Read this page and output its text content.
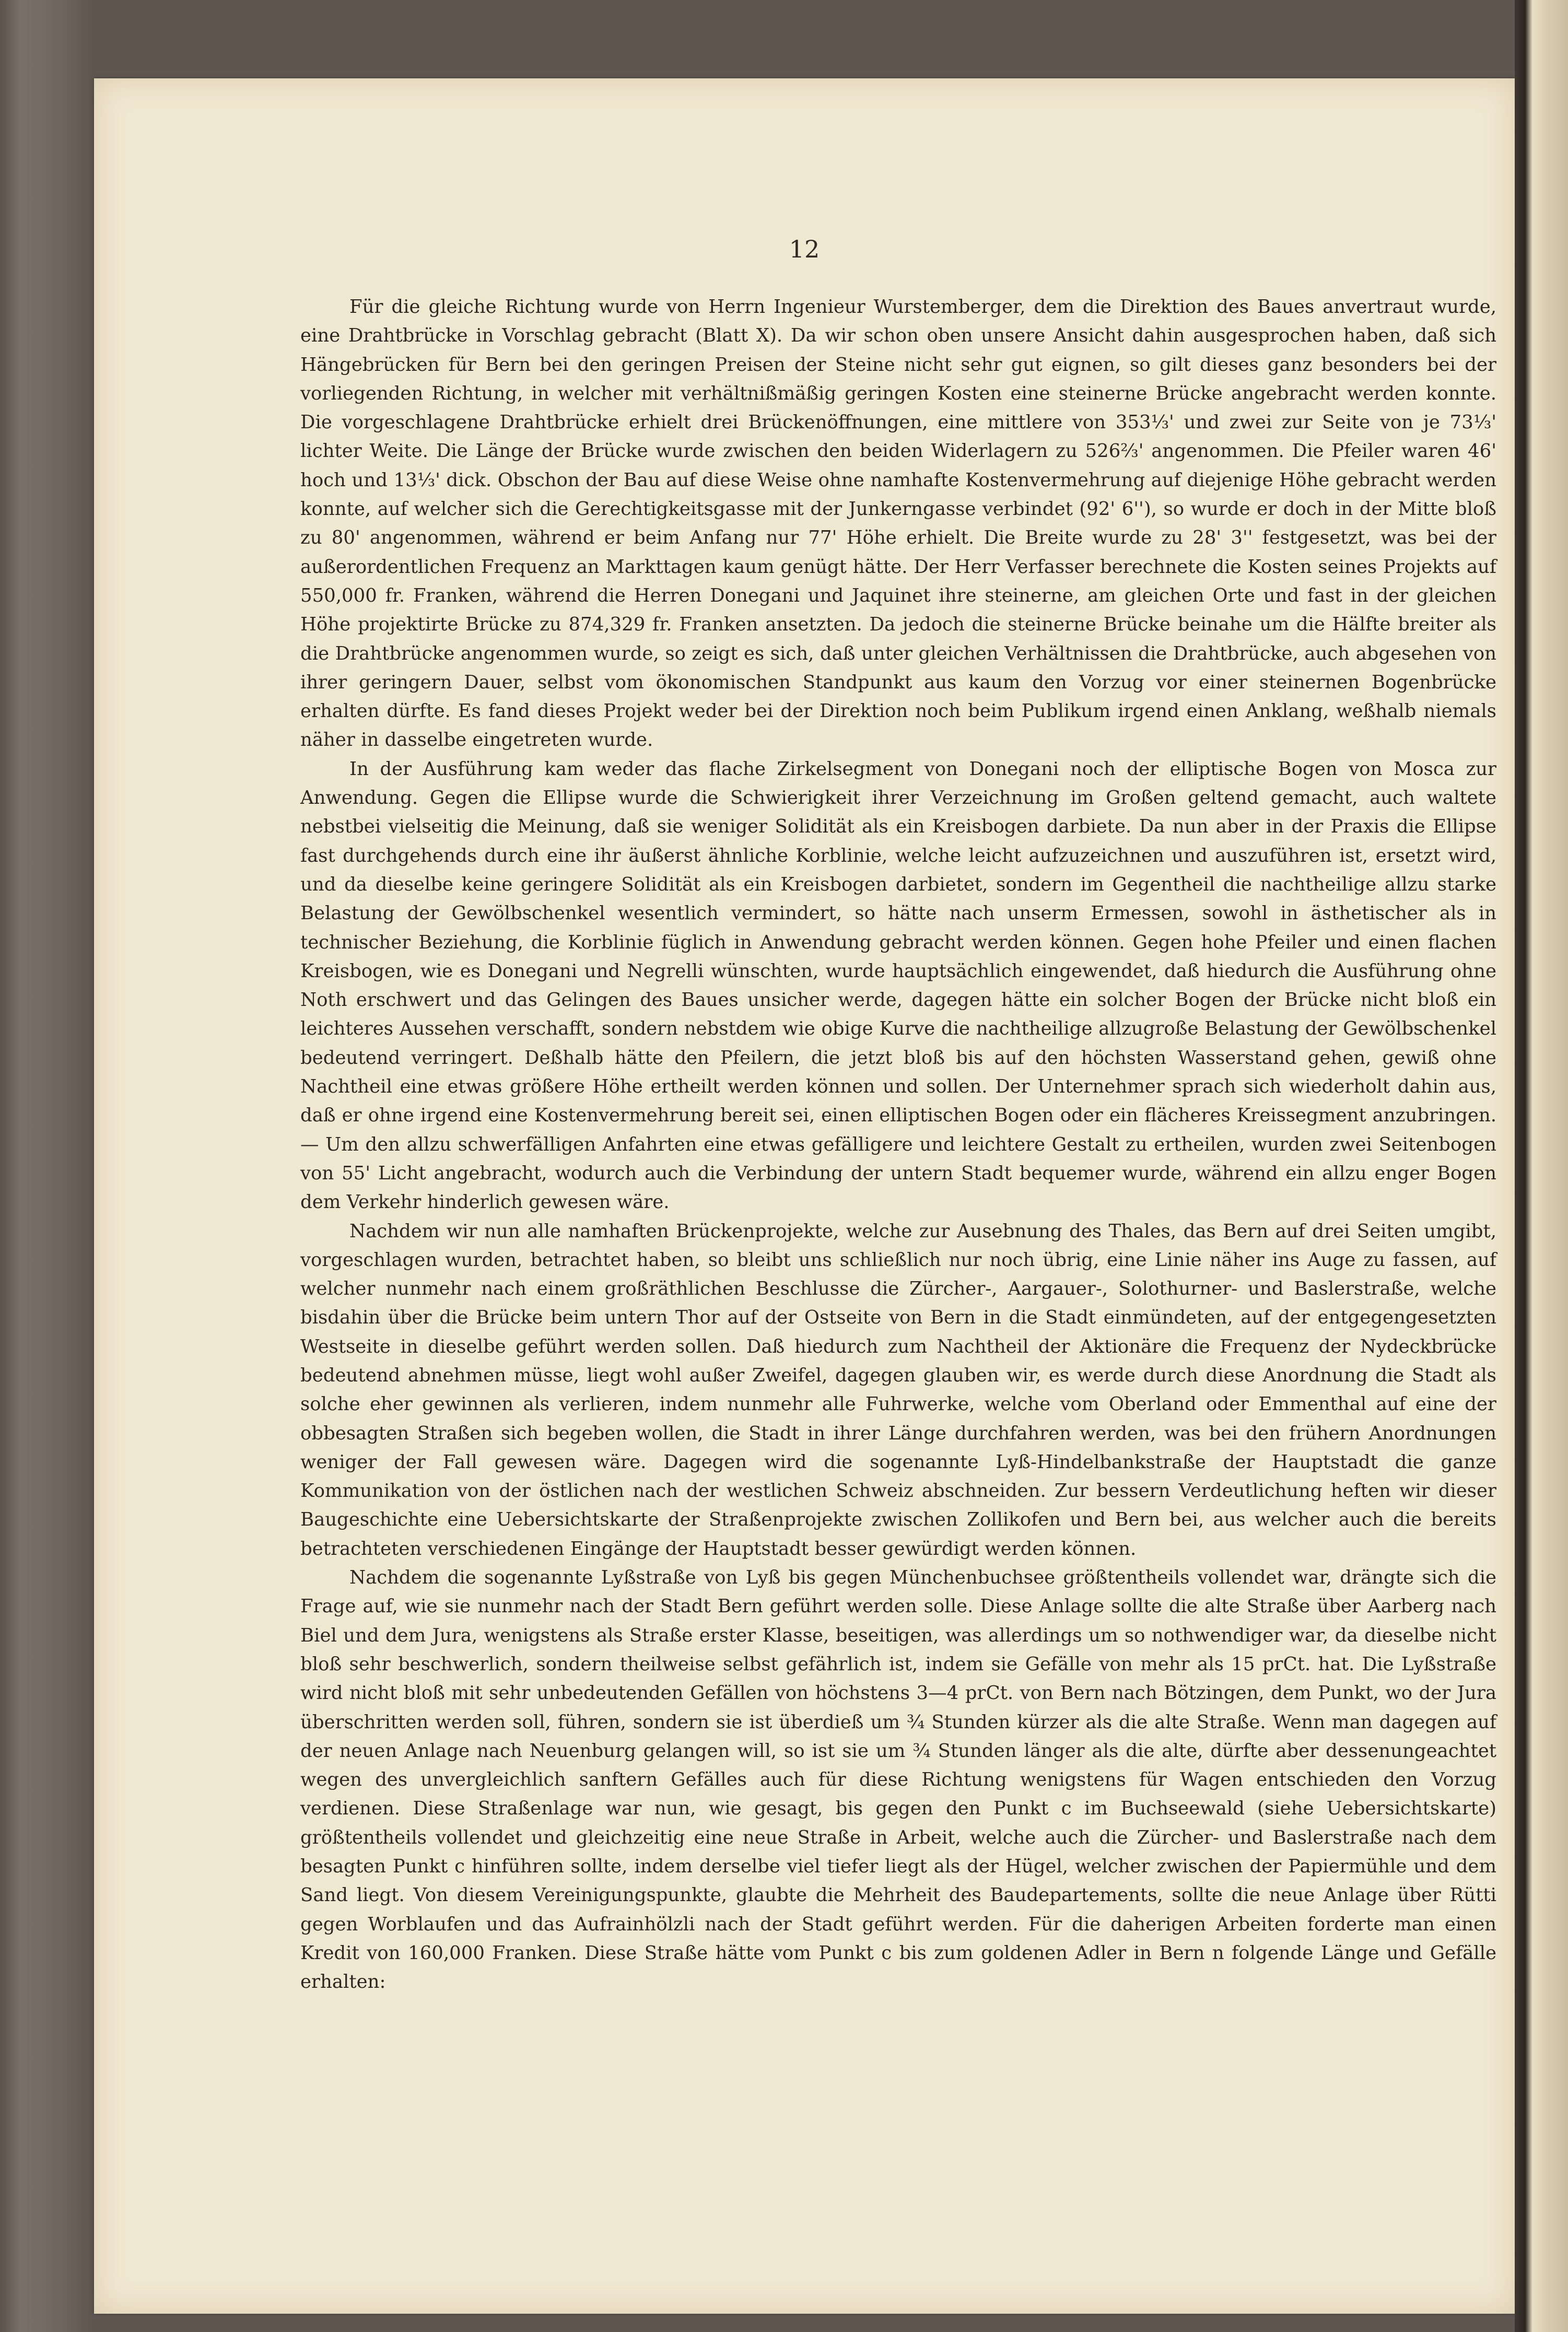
12

Für die gleiche Richtung wurde von Herrn Ingenieur Wurstemberger, dem die Direktion des Baues anvertraut wurde, eine Drahtbrücke in Vorschlag gebracht (Blatt X). Da wir schon oben unsere Ansicht dahin ausgesprochen haben, daß sich Hängebrücken für Bern bei den geringen Preisen der Steine nicht sehr gut eignen, so gilt dieses ganz besonders bei der vorliegenden Richtung, in welcher mit verhältnißmäßig geringen Kosten eine steinerne Brücke angebracht werden konnte. Die vorgeschlagene Drahtbrücke erhielt drei Brückenöffnungen, eine mittlere von 353⅓' und zwei zur Seite von je 73⅓' lichter Weite. Die Länge der Brücke wurde zwischen den beiden Widerlagern zu 526⅔' angenommen. Die Pfeiler waren 46' hoch und 13⅓' dick. Obschon der Bau auf diese Weise ohne namhafte Kostenvermehrung auf diejenige Höhe gebracht werden konnte, auf welcher sich die Gerechtigkeitsgasse mit der Junkerngasse verbindet (92' 6''), so wurde er doch in der Mitte bloß zu 80' angenommen, während er beim Anfang nur 77' Höhe erhielt. Die Breite wurde zu 28' 3'' festgesetzt, was bei der außerordentlichen Frequenz an Markttagen kaum genügt hätte. Der Herr Verfasser berechnete die Kosten seines Projekts auf 550,000 fr. Franken, während die Herren Donegani und Jaquinet ihre steinerne, am gleichen Orte und fast in der gleichen Höhe projektirte Brücke zu 874,329 fr. Franken ansetzten. Da jedoch die steinerne Brücke beinahe um die Hälfte breiter als die Drahtbrücke angenommen wurde, so zeigt es sich, daß unter gleichen Verhältnissen die Drahtbrücke, auch abgesehen von ihrer geringern Dauer, selbst vom ökonomischen Standpunkt aus kaum den Vorzug vor einer steinernen Bogenbrücke erhalten dürfte. Es fand dieses Projekt weder bei der Direktion noch beim Publikum irgend einen Anklang, weßhalb niemals näher in dasselbe eingetreten wurde.

In der Ausführung kam weder das flache Zirkelsegment von Donegani noch der elliptische Bogen von Mosca zur Anwendung. Gegen die Ellipse wurde die Schwierigkeit ihrer Verzeichnung im Großen geltend gemacht, auch waltete nebstbei vielseitig die Meinung, daß sie weniger Solidität als ein Kreisbogen darbiete. Da nun aber in der Praxis die Ellipse fast durchgehends durch eine ihr äußerst ähnliche Korblinie, welche leicht aufzuzeichnen und auszuführen ist, ersetzt wird, und da dieselbe keine geringere Solidität als ein Kreisbogen darbietet, sondern im Gegentheil die nachtheilige allzu starke Belastung der Gewölbschenkel wesentlich vermindert, so hätte nach unserm Ermessen, sowohl in ästhetischer als in technischer Beziehung, die Korblinie füglich in Anwendung gebracht werden können. Gegen hohe Pfeiler und einen flachen Kreisbogen, wie es Donegani und Negrelli wünschten, wurde hauptsächlich eingewendet, daß hiedurch die Ausführung ohne Noth erschwert und das Gelingen des Baues unsicher werde, dagegen hätte ein solcher Bogen der Brücke nicht bloß ein leichteres Aussehen verschafft, sondern nebstdem wie obige Kurve die nachtheilige allzugroße Belastung der Gewölbschenkel bedeutend verringert. Deßhalb hätte den Pfeilern, die jetzt bloß bis auf den höchsten Wasserstand gehen, gewiß ohne Nachtheil eine etwas größere Höhe ertheilt werden können und sollen. Der Unternehmer sprach sich wiederholt dahin aus, daß er ohne irgend eine Kostenvermehrung bereit sei, einen elliptischen Bogen oder ein flächeres Kreissegment anzubringen. — Um den allzu schwerfälligen Anfahrten eine etwas gefälligere und leichtere Gestalt zu ertheilen, wurden zwei Seitenbogen von 55' Licht angebracht, wodurch auch die Verbindung der untern Stadt bequemer wurde, während ein allzu enger Bogen dem Verkehr hinderlich gewesen wäre.

Nachdem wir nun alle namhaften Brückenprojekte, welche zur Ausebnung des Thales, das Bern auf drei Seiten umgibt, vorgeschlagen wurden, betrachtet haben, so bleibt uns schließlich nur noch übrig, eine Linie näher ins Auge zu fassen, auf welcher nunmehr nach einem großräthlichen Beschlusse die Zürcher-, Aargauer-, Solothurner- und Baslerstraße, welche bisdahin über die Brücke beim untern Thor auf der Ostseite von Bern in die Stadt einmündeten, auf der entgegengesetzten Westseite in dieselbe geführt werden sollen. Daß hiedurch zum Nachtheil der Aktionäre die Frequenz der Nydeckbrücke bedeutend abnehmen müsse, liegt wohl außer Zweifel, dagegen glauben wir, es werde durch diese Anordnung die Stadt als solche eher gewinnen als verlieren, indem nunmehr alle Fuhrwerke, welche vom Oberland oder Emmenthal auf eine der obbesagten Straßen sich begeben wollen, die Stadt in ihrer Länge durchfahren werden, was bei den frühern Anordnungen weniger der Fall gewesen wäre. Dagegen wird die sogenannte Lyß-Hindelbankstraße der Hauptstadt die ganze Kommunikation von der östlichen nach der westlichen Schweiz abschneiden. Zur bessern Verdeutlichung heften wir dieser Baugeschichte eine Uebersichtskarte der Straßenprojekte zwischen Zollikofen und Bern bei, aus welcher auch die bereits betrachteten verschiedenen Eingänge der Hauptstadt besser gewürdigt werden können.

Nachdem die sogenannte Lyßstraße von Lyß bis gegen Münchenbuchsee größtentheils vollendet war, drängte sich die Frage auf, wie sie nunmehr nach der Stadt Bern geführt werden solle. Diese Anlage sollte die alte Straße über Aarberg nach Biel und dem Jura, wenigstens als Straße erster Klasse, beseitigen, was allerdings um so nothwendiger war, da dieselbe nicht bloß sehr beschwerlich, sondern theilweise selbst gefährlich ist, indem sie Gefälle von mehr als 15 prCt. hat. Die Lyßstraße wird nicht bloß mit sehr unbedeutenden Gefällen von höchstens 3—4 prCt. von Bern nach Bötzingen, dem Punkt, wo der Jura überschritten werden soll, führen, sondern sie ist überdieß um ¾ Stunden kürzer als die alte Straße. Wenn man dagegen auf der neuen Anlage nach Neuenburg gelangen will, so ist sie um ¾ Stunden länger als die alte, dürfte aber dessenungeachtet wegen des unvergleichlich sanftern Gefälles auch für diese Richtung wenigstens für Wagen entschieden den Vorzug verdienen. Diese Straßenlage war nun, wie gesagt, bis gegen den Punkt c im Buchseewald (siehe Uebersichtskarte) größtentheils vollendet und gleichzeitig eine neue Straße in Arbeit, welche auch die Zürcher- und Baslerstraße nach dem besagten Punkt c hinführen sollte, indem derselbe viel tiefer liegt als der Hügel, welcher zwischen der Papiermühle und dem Sand liegt. Von diesem Vereinigungspunkte, glaubte die Mehrheit des Baudepartements, sollte die neue Anlage über Rütti gegen Worblaufen und das Aufrainhölzli nach der Stadt geführt werden. Für die daherigen Arbeiten forderte man einen Kredit von 160,000 Franken. Diese Straße hätte vom Punkt c bis zum goldenen Adler in Bern n folgende Länge und Gefälle erhalten:
